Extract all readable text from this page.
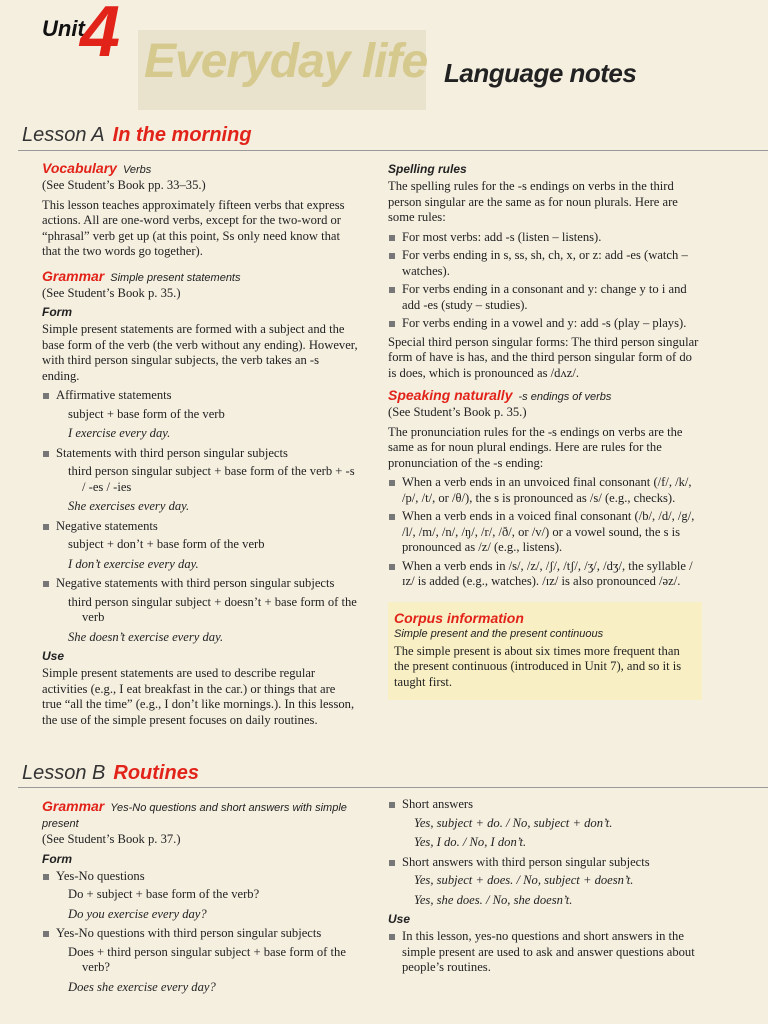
Unit
4 Everyday life Language notes
Lesson A In the morning
Vocabulary Verbs

(See Student’s Book pp. 33–35.)

This lesson teaches approximately fifteen verbs that express actions. All are one-word verbs, except for the two-word or “phrasal” verb get up (at this point, Ss only need know that that the two words go together).

Grammar Simple present statements

(See Student’s Book p. 35.)

Form

Simple present statements are formed with a subject and the base form of the verb (the verb without any ending). However, with third person singular subjects, the verb takes an -s ending.

Affirmative statements

subject + base form of the verb

I exercise every day.

Statements with third person singular subjects

third person singular subject + base form of the verb + -s / -es / -ies

She exercises every day.

Negative statements

subject + don’t + base form of the verb

I don’t exercise every day.

Negative statements with third person singular subjects

third person singular subject + doesn’t + base form of the verb

She doesn’t exercise every day.

Use

Simple present statements are used to describe regular activities (e.g., I eat breakfast in the car.) or things that are true “all the time” (e.g., I don’t like mornings.). In this lesson, the use of the simple present focuses on daily routines.

Spelling rules

The spelling rules for the -s endings on verbs in the third person singular are the same as for noun plurals. Here are some rules:

For most verbs: add -s (listen – listens).
For verbs ending in s, ss, sh, ch, x, or z: add -es (watch – watches).
For verbs ending in a consonant and y: change y to i and add -es (study – studies).
For verbs ending in a vowel and y: add -s (play – plays).

Special third person singular forms: The third person singular form of have is has, and the third person singular form of do is does, which is pronounced as /dʌz/.

Speaking naturally -s endings of verbs

(See Student’s Book p. 35.)

The pronunciation rules for the -s endings on verbs are the same as for noun plural endings. Here are rules for the pronunciation of the -s ending:

When a verb ends in an unvoiced final consonant (/f/, /k/, /p/, /t/, or /θ/), the s is pronounced as /s/ (e.g., checks).
When a verb ends in a voiced final consonant (/b/, /d/, /g/, /l/, /m/, /n/, /ŋ/, /r/, /ð/, or /v/) or a vowel sound, the s is pronounced as /z/ (e.g., listens).
When a verb ends in /s/, /z/, /ʃ/, /tʃ/, /ʒ/, /dʒ/, the syllable /ɪz/ is added (e.g., watches). /ɪz/ is also pronounced /əz/.
Corpus information
Simple present and the present continuous

The simple present is about six times more frequent than the present continuous (introduced in Unit 7), and so it is taught first.

Lesson B Routines
Grammar Yes-No questions and short answers with simple present

(See Student’s Book p. 37.)

Form
Yes-No questions

Do + subject + base form of the verb?

Do you exercise every day?

Yes-No questions with third person singular subjects

Does + third person singular subject + base form of the verb?

Does she exercise every day?

Short answers

Yes, subject + do. / No, subject + don’t.

Yes, I do. / No, I don’t.

Short answers with third person singular subjects

Yes, subject + does. / No, subject + doesn’t.

Yes, she does. / No, she doesn’t.

Use
In this lesson, yes-no questions and short answers in the simple present are used to ask and answer questions about people’s routines.
